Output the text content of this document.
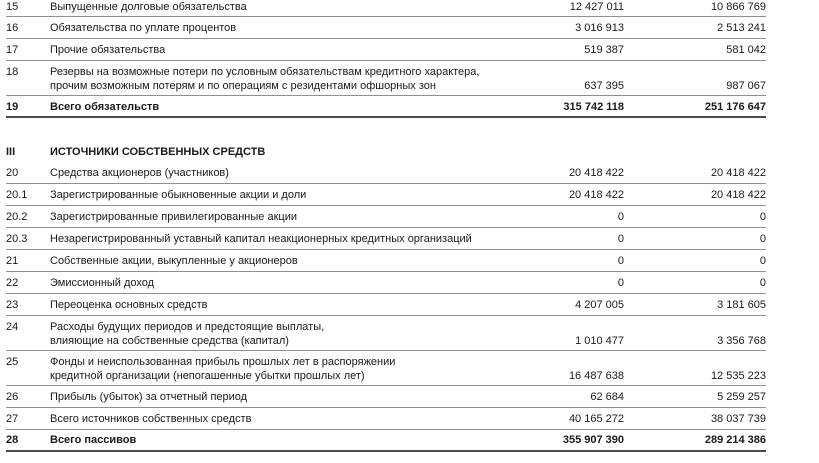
15	Выпущенные долговые обязательства	12 427 011	10 866 769
16	Обязательства по уплате процентов	3 016 913	2 513 241
17	Прочие обязательства	519 387	581 042
18	Резервы на возможные потери по условным обязательствам кредитного характера,
прочим возможным потерям и по операциям с резидентами офшорных зон	637 395	987 067
19	Всего обязательств	315 742 118	251 176 647
III	ИСТОЧНИКИ СОБСТВЕННЫХ СРЕДСТВ
20	Средства акционеров (участников)	20 418 422	20 418 422
20.1 Зарегистрированные обыкновенные акции и доли	20 418 422	20 418 422
20.2 Зарегистрированные привилегированные акции	0	0
20.3 Незарегистрированный уставный капитал неакционерных кредитных организаций	0	0
21	Собственные акции, выкупленные у акционеров	0	0
22	Эмиссионный доход	0	0
23	Переоценка основных средств	4 207 005	3 181 605
24	Расходы будущих периодов и предстоящие выплаты,
влияющие на собственные средства (капитал)	1 010 477	3 356 768
25	Фонды и неиспользованная прибыль прошлых лет в распоряжении
кредитной организации (непогашенные убытки прошлых лет)	16 487 638	12 535 223
26	Прибыль (убыток) за отчетный период	62 684	5 259 257
27	Всего источников собственных средств	40 165 272	38 037 739
28	Всего пассивов	355 907 390	289 214 386
